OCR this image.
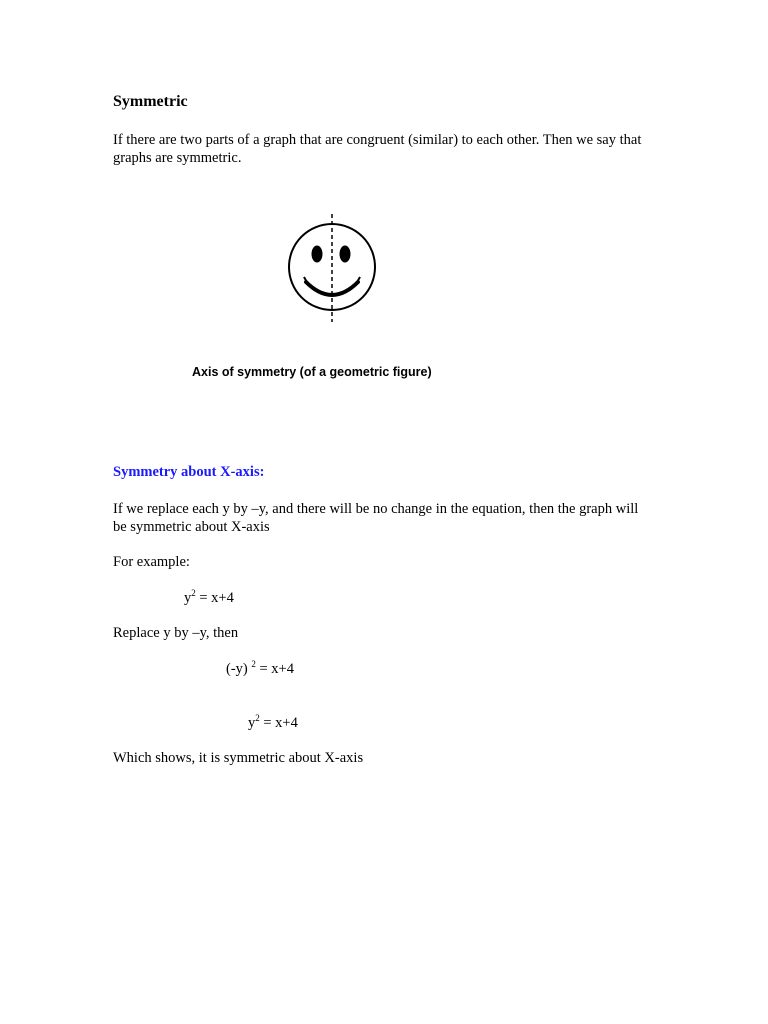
Symmetric
If there are two parts of a graph that are congruent (similar) to each other. Then we say that graphs are symmetric.
Axis of symmetry (of a geometric figure)
Symmetry about X-axis:
If we replace each y by –y, and there will be no change in the equation, then the graph will be symmetric about X-axis
For example:
$y^2 = x+4$
Replace y by –y, then
(-y) $^2$ = x+4
$y^2 = x+4$
Which shows, it is symmetric about X-axis
